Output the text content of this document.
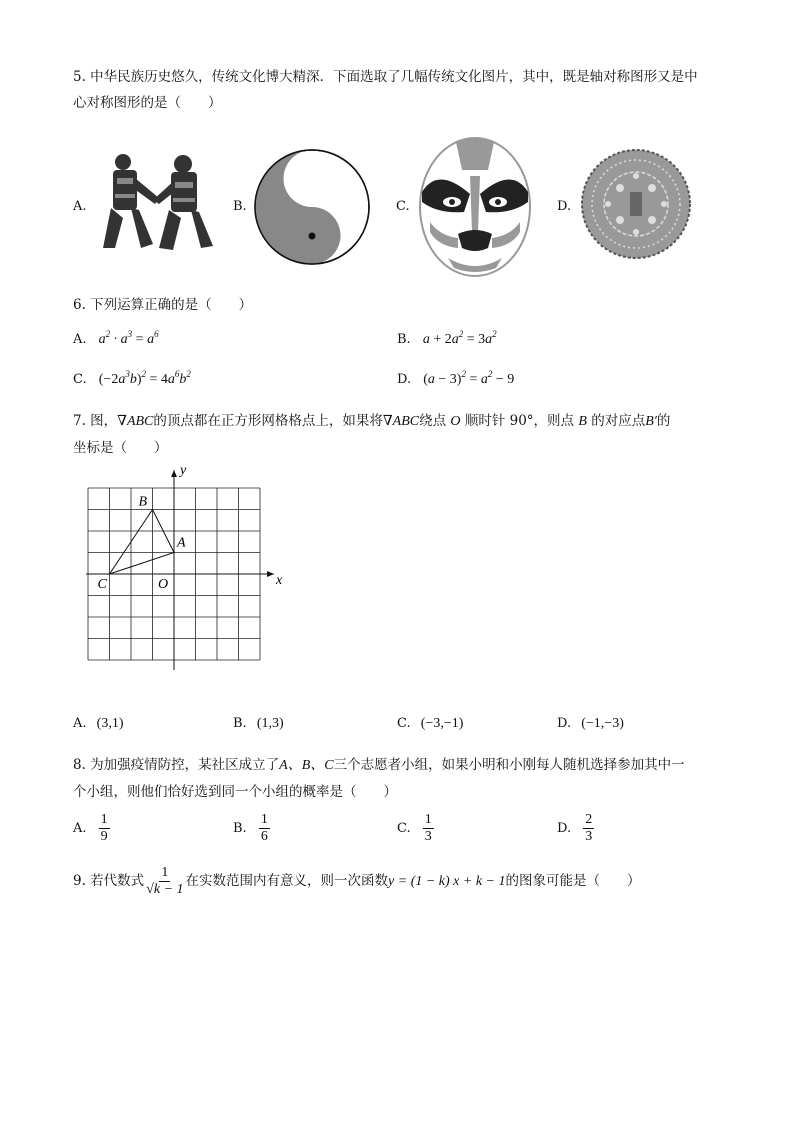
5. 中华民族历史悠久，传统文化博大精深．下面选取了几幅传统文化图片，其中，既是轴对称图形又是中
心对称图形的是（　　）
A.	B.	C.	D.
6. 下列运算正确的是（　　）
A. $a^2 \cdot a^3 = a^6$	B. $a + 2a^2 = 3a^2$
C. $(-2a^3b)^2 = 4a^6b^2$	D. $(a - 3)^2 = a^2 - 9$
7. 图，∇ABC的顶点都在正方形网格格点上，如果将∇ABC绕点 O 顺时针 90°，则点 B 的对应点B′的
坐标是（　　）
B
A
C	O	x
y
A. (3,1)	B. (1,3)	C. (−3,−1)	D. (−1,−3)
8. 为加强疫情防控，某社区成立了A、B、C三个志愿者小组，如果小明和小刚每人随机选择参加其中一
个小组，则他们恰好选到同一个小组的概率是（　　）
A. $\frac{1}{9}$	B. $\frac{1}{6}$	C. $\frac{1}{3}$	D. $\frac{2}{3}$
9. 若代数式 $\frac{1}{√k - 1}$ 在实数范围内有意义，则一次函数y = (1 − k) x + k − 1的图象可能是（　　）
